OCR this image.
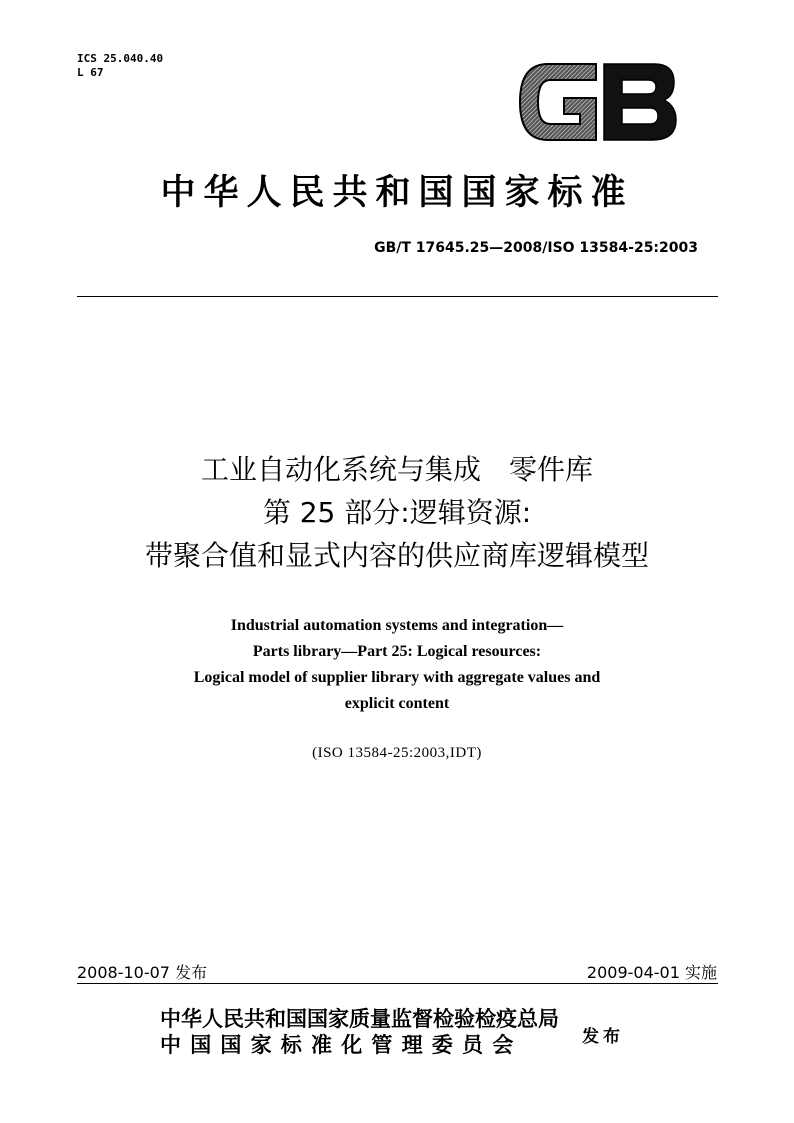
ICS 25.040.40
L 67
GB
中华人民共和国国家标准
GB/T 17645.25—2008/ISO 13584-25:2003
工业自动化系统与集成　零件库
第 25 部分:逻辑资源:
带聚合值和显式内容的供应商库逻辑模型
Industrial automation systems and integration—
Parts library—Part 25: Logical resources:
Logical model of supplier library with aggregate values and
explicit content
(ISO 13584-25:2003,IDT)
2008-10-07 发布	2009-04-01 实施
中华人民共和国国家质量监督检验检疫总局
中国国家标准化管理委员会	发布
